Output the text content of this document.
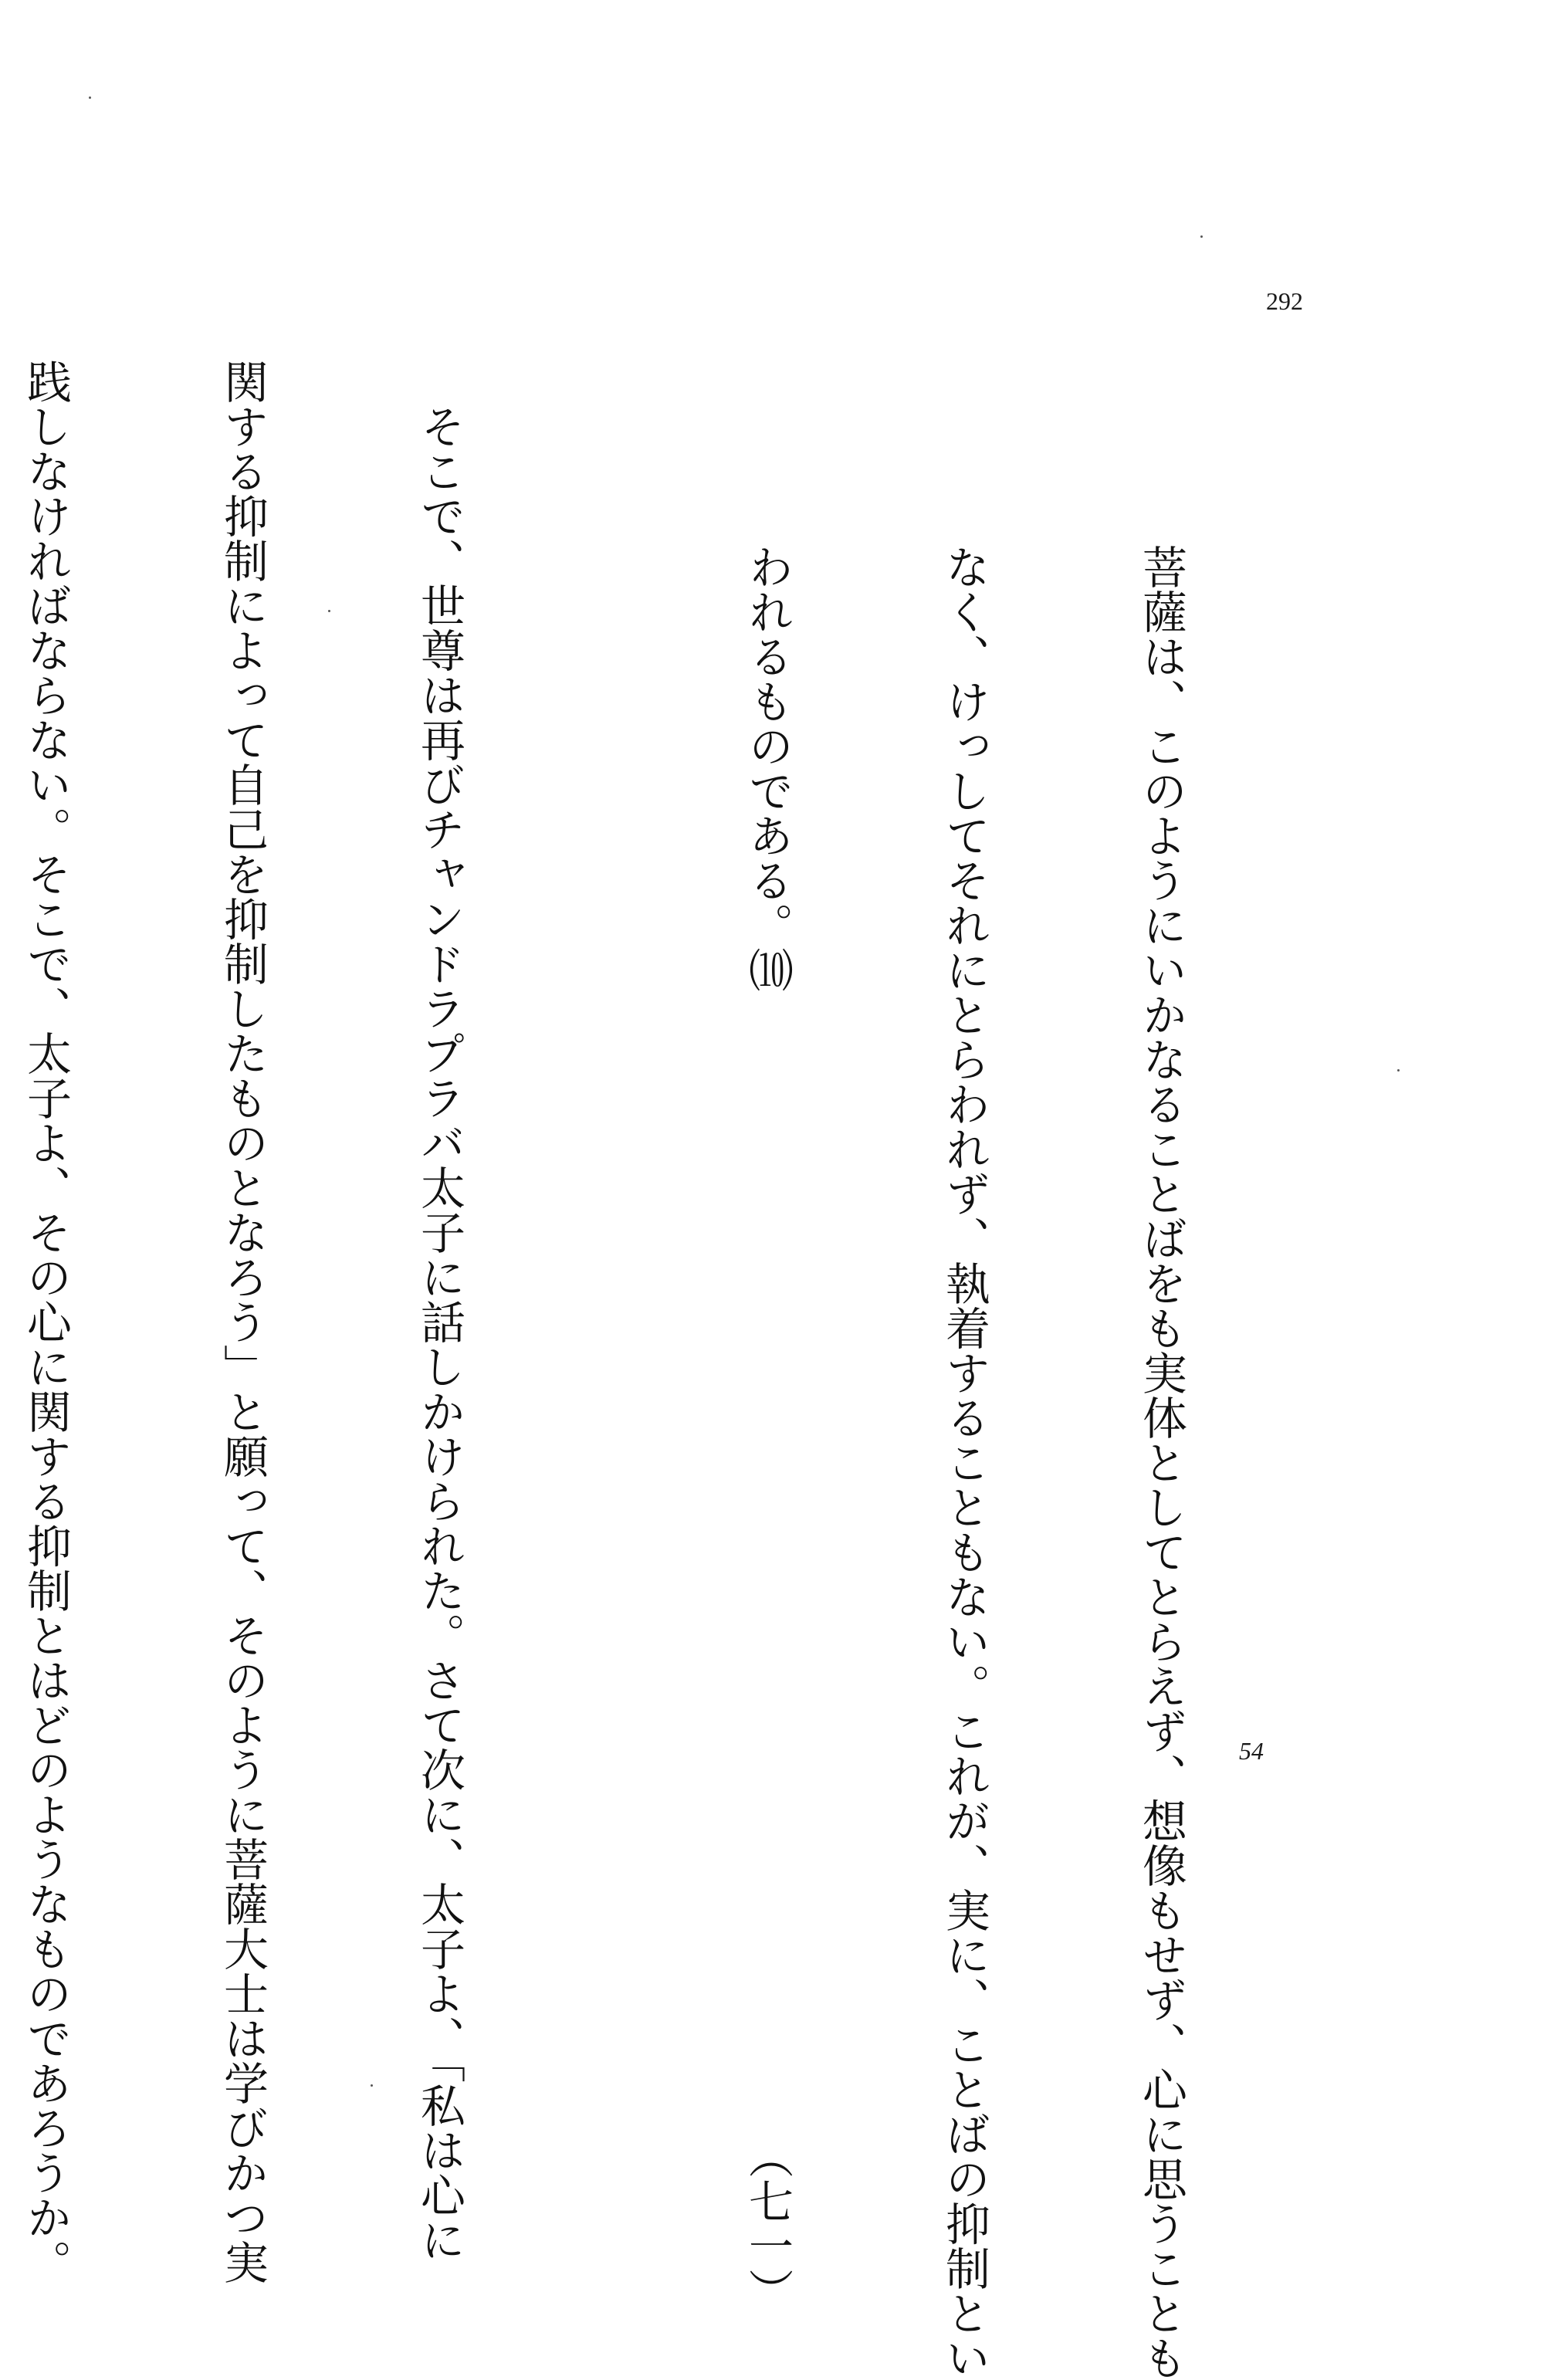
292

菩薩は、このようにいかなることばをも実体としてとらえず、想像もせず、心に思うことも

なく、けっしてそれにとらわれず、執着することもない。これが、実に、ことばの抑制とい

われるものである。⑽　　　　　　　　　　　　　　　　　　　　　　　　　　（七一）

そこで、世尊は再びチャンドラプラバ太子に話しかけられた。さて次に、太子よ、「私は心に

関する抑制によって自己を抑制したものとなろう」と願って、そのように菩薩大士は学びかつ実

践しなければならない。そこで、太子よ、その心に関する抑制とはどのようなものであろうか。

	54
